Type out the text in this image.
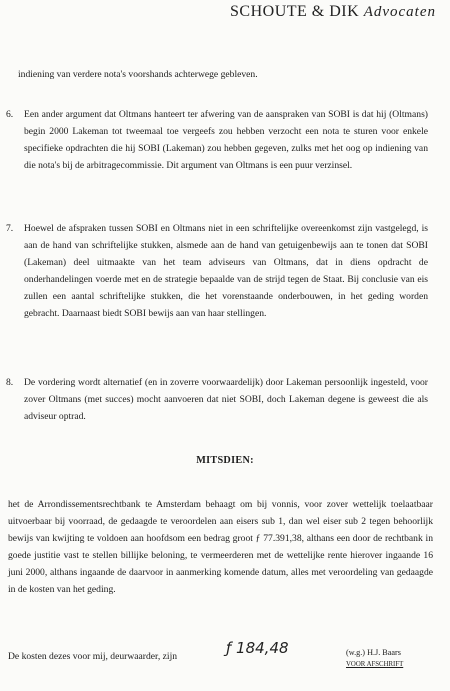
SCHOUTE & DIK Advocaten
indiening van verdere nota's voorshands achterwege gebleven.
6. Een ander argument dat Oltmans hanteert ter afwering van de aanspraken van SOBI is dat hij (Oltmans) begin 2000 Lakeman tot tweemaal toe vergeefs zou hebben verzocht een nota te sturen voor enkele specifieke opdrachten die hij SOBI (Lakeman) zou hebben gegeven, zulks met het oog op indiening van die nota's bij de arbitragecommissie. Dit argument van Oltmans is een puur verzinsel.
7. Hoewel de afspraken tussen SOBI en Oltmans niet in een schriftelijke overeenkomst zijn vastgelegd, is aan de hand van schriftelijke stukken, alsmede aan de hand van getuigenbewijs aan te tonen dat SOBI (Lakeman) deel uitmaakte van het team adviseurs van Oltmans, dat in diens opdracht de onderhandelingen voerde met en de strategie bepaalde van de strijd tegen de Staat. Bij conclusie van eis zullen een aantal schriftelijke stukken, die het vorenstaande onderbouwen, in het geding worden gebracht. Daarnaast biedt SOBI bewijs aan van haar stellingen.
8. De vordering wordt alternatief (en in zoverre voorwaardelijk) door Lakeman persoonlijk ingesteld, voor zover Oltmans (met succes) mocht aanvoeren dat niet SOBI, doch Lakeman degene is geweest die als adviseur optrad.
MITSDIEN:
het de Arrondissementsrechtbank te Amsterdam behaagt om bij vonnis, voor zover wettelijk toelaatbaar uitvoerbaar bij voorraad, de gedaagde te veroordelen aan eisers sub 1, dan wel eiser sub 2 tegen behoorlijk bewijs van kwijting te voldoen aan hoofdsom een bedrag groot ƒ 77.391,38, althans een door de rechtbank in goede justitie vast te stellen billijke beloning, te vermeerderen met de wettelijke rente hierover ingaande 16 juni 2000, althans ingaande de daarvoor in aanmerking komende datum, alles met veroordeling van gedaagde in de kosten van het geding.
De kosten dezes voor mij, deurwaarder, zijn	ƒ 184,48	(w.g.) H.J. Baars
VOOR AFSCHRIFT
